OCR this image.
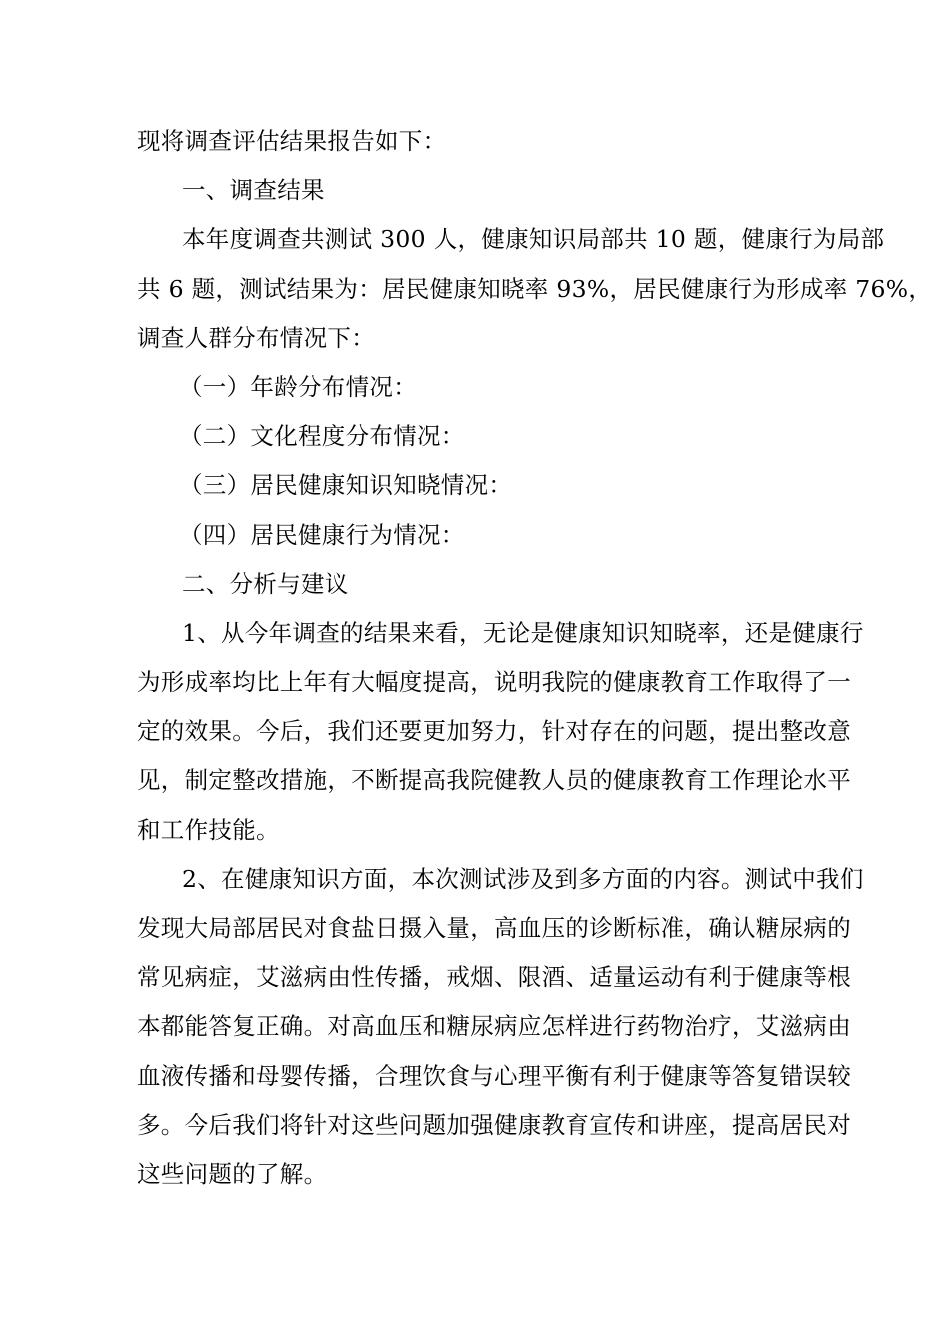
现将调查评估结果报告如下：
一、调查结果
本年度调查共测试 300 人，健康知识局部共 10 题，健康行为局部
共 6 题，测试结果为：居民健康知晓率 93%，居民健康行为形成率 76%，
调查人群分布情况下：
（一）年龄分布情况：
（二）文化程度分布情况：
（三）居民健康知识知晓情况：
（四）居民健康行为情况：
二、分析与建议
1、从今年调查的结果来看，无论是健康知识知晓率，还是健康行
为形成率均比上年有大幅度提高，说明我院的健康教育工作取得了一
定的效果。今后，我们还要更加努力，针对存在的问题，提出整改意
见，制定整改措施，不断提高我院健教人员的健康教育工作理论水平
和工作技能。
2、在健康知识方面，本次测试涉及到多方面的内容。测试中我们
发现大局部居民对食盐日摄入量，高血压的诊断标准，确认糖尿病的
常见病症，艾滋病由性传播，戒烟、限酒、适量运动有利于健康等根
本都能答复正确。对高血压和糖尿病应怎样进行药物治疗，艾滋病由
血液传播和母婴传播，合理饮食与心理平衡有利于健康等答复错误较
多。今后我们将针对这些问题加强健康教育宣传和讲座，提高居民对
这些问题的了解。
